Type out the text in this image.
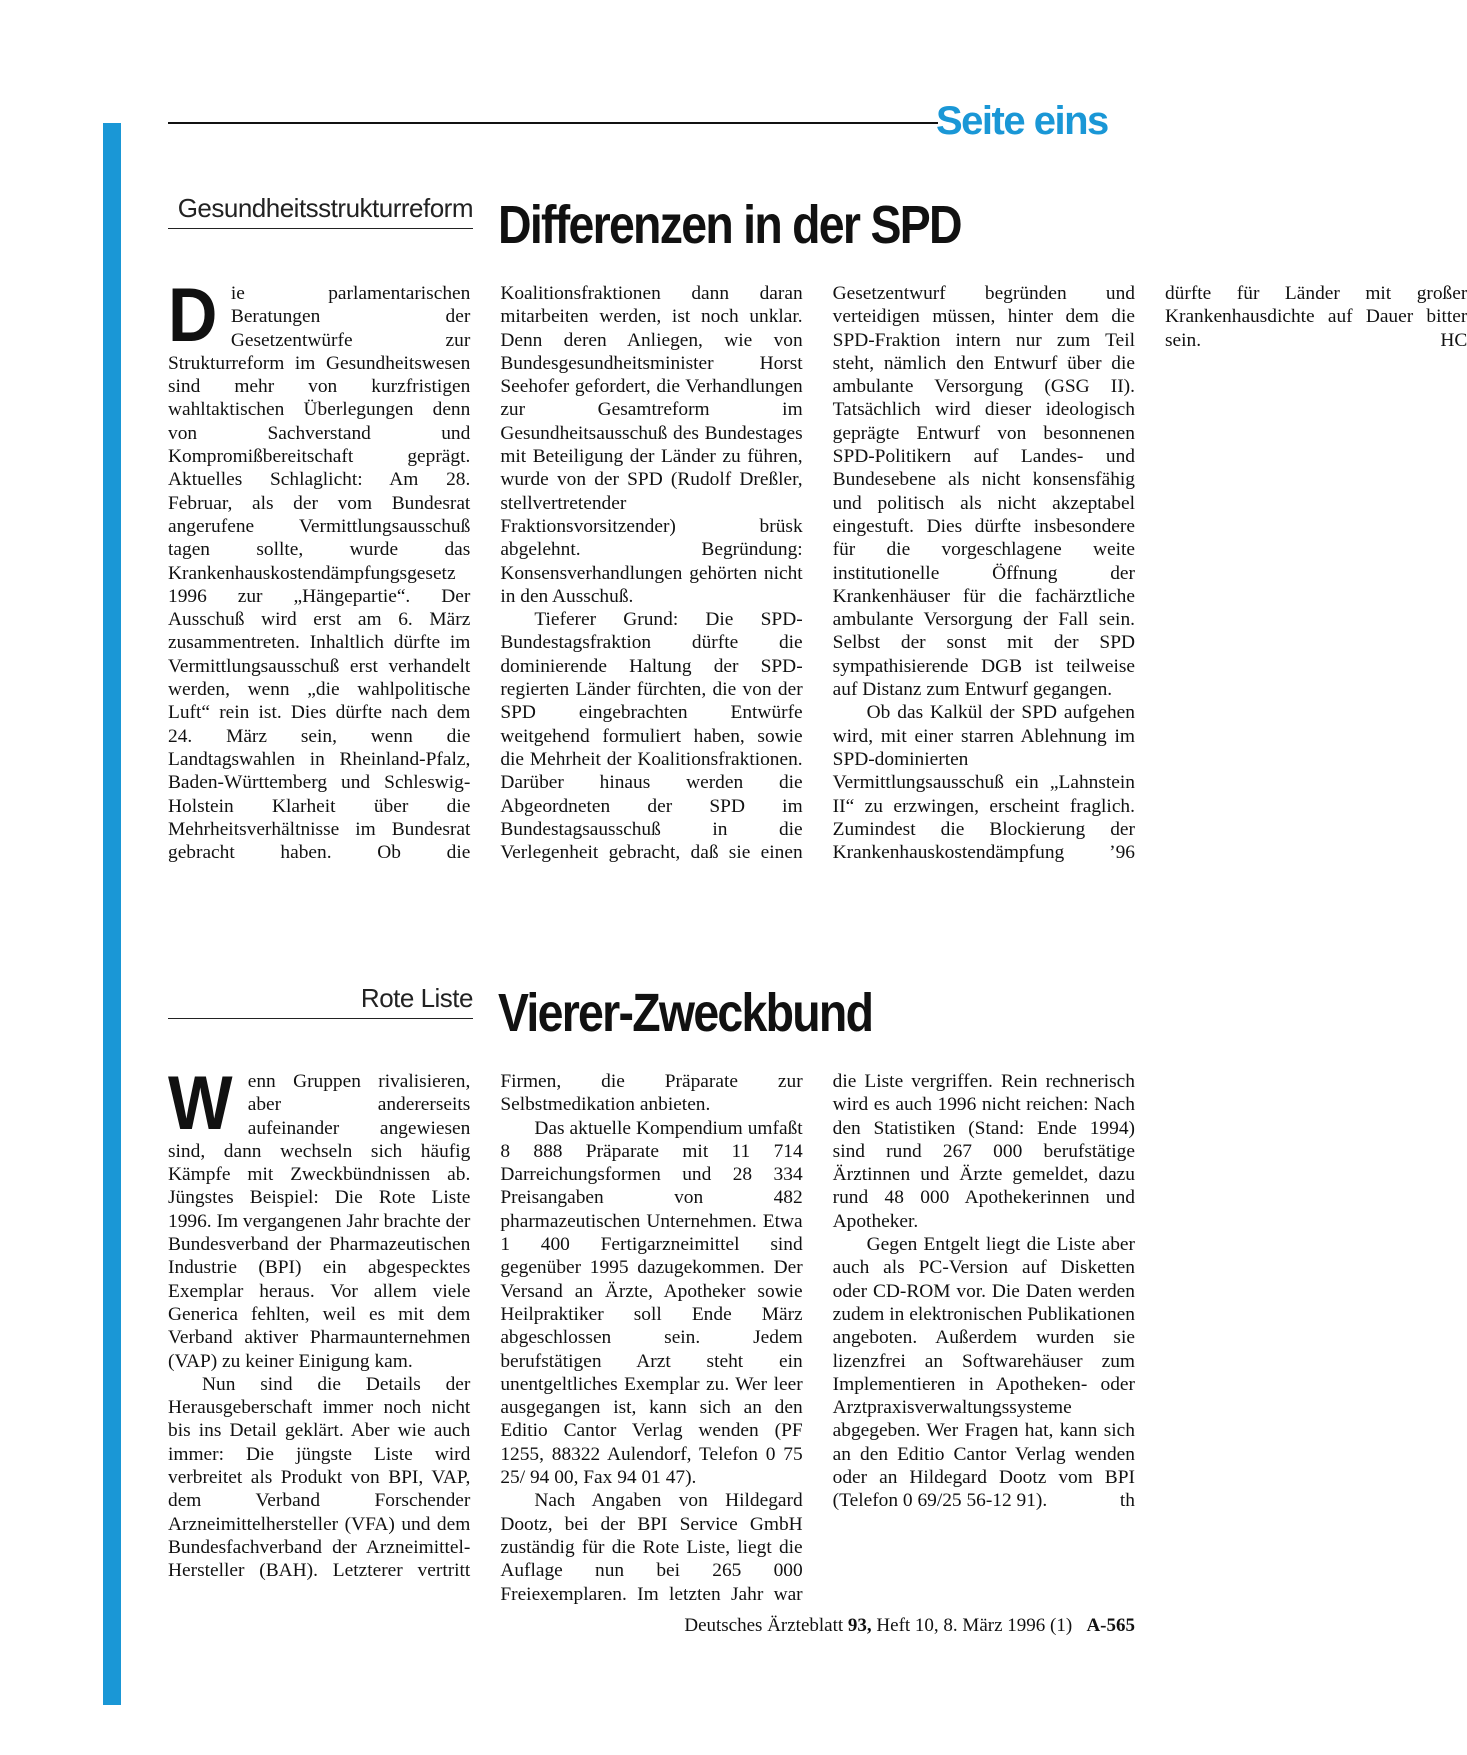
Seite eins
Gesundheitsstrukturreform Differenzen in der SPD

Die parlamentarischen Beratungen der Gesetzentwürfe zur Strukturreform im Gesundheitswesen sind mehr von kurzfristigen wahltaktischen Überlegungen denn von Sachverstand und Kompromißbereitschaft geprägt. Aktuelles Schlaglicht: Am 28. Februar, als der vom Bundesrat angerufene Vermittlungsausschuß tagen sollte, wurde das Krankenhauskostendämpfungsgesetz 1996 zur „Hängepartie“. Der Ausschuß wird erst am 6. März zusammentreten. Inhaltlich dürfte im Vermittlungsausschuß erst verhandelt werden, wenn „die wahlpolitische Luft“ rein ist. Dies dürfte nach dem 24. März sein, wenn die Landtagswahlen in Rheinland-Pfalz, Baden-Württemberg und Schleswig-Holstein Klarheit über die Mehrheitsverhältnisse im Bundesrat gebracht haben. Ob die Koalitionsfraktionen dann daran mitarbeiten werden, ist noch unklar. Denn deren Anliegen, wie von Bundesgesundheitsminister Horst Seehofer gefordert, die Verhandlungen zur Gesamtreform im Gesundheitsausschuß des Bundestages mit Beteiligung der Länder zu führen, wurde von der SPD (Rudolf Dreßler, stellvertretender Fraktionsvorsitzender) brüsk abgelehnt. Begründung: Konsensverhandlungen gehörten nicht in den Ausschuß.

Tieferer Grund: Die SPD-Bundestagsfraktion dürfte die dominierende Haltung der SPD-regierten Länder fürchten, die von der SPD eingebrachten Entwürfe weitgehend formuliert haben, sowie die Mehrheit der Koalitionsfraktionen. Darüber hinaus werden die Abgeordneten der SPD im Bundestagsausschuß in die Verlegenheit gebracht, daß sie einen Gesetzentwurf begründen und verteidigen müssen, hinter dem die SPD-Fraktion intern nur zum Teil steht, nämlich den Entwurf über die ambulante Versorgung (GSG II). Tatsächlich wird dieser ideologisch geprägte Entwurf von besonnenen SPD-Politikern auf Landes- und Bundesebene als nicht konsensfähig und politisch als nicht akzeptabel eingestuft. Dies dürfte insbesondere für die vorgeschlagene weite institutionelle Öffnung der Krankenhäuser für die fachärztliche ambulante Versorgung der Fall sein. Selbst der sonst mit der SPD sympathisierende DGB ist teilweise auf Distanz zum Entwurf gegangen.

Ob das Kalkül der SPD aufgehen wird, mit einer starren Ablehnung im SPD-dominierten Vermittlungsausschuß ein „Lahnstein II“ zu erzwingen, erscheint fraglich. Zumindest die Blockierung der Krankenhauskostendämpfung ’96 dürfte für Länder mit großer Krankenhausdichte auf Dauer bitter sein.	HC

Rote Liste Vierer-Zweckbund

Wenn Gruppen rivalisieren, aber andererseits aufeinander angewiesen sind, dann wechseln sich häufig Kämpfe mit Zweckbündnissen ab. Jüngstes Beispiel: Die Rote Liste 1996. Im vergangenen Jahr brachte der Bundesverband der Pharmazeutischen Industrie (BPI) ein abgespecktes Exemplar heraus. Vor allem viele Generica fehlten, weil es mit dem Verband aktiver Pharmaunternehmen (VAP) zu keiner Einigung kam.

Nun sind die Details der Herausgeberschaft immer noch nicht bis ins Detail geklärt. Aber wie auch immer: Die jüngste Liste wird verbreitet als Produkt von BPI, VAP, dem Verband Forschender Arzneimittelhersteller (VFA) und dem Bundesfachverband der Arzneimittel-Hersteller (BAH). Letzterer vertritt Firmen, die Präparate zur Selbstmedikation anbieten.

Das aktuelle Kompendium umfaßt 8 888 Präparate mit 11 714 Darreichungsformen und 28 334 Preisangaben von 482 pharmazeutischen Unternehmen. Etwa 1 400 Fertigarzneimittel sind gegenüber 1995 dazugekommen. Der Versand an Ärzte, Apotheker sowie Heilpraktiker soll Ende März abgeschlossen sein. Jedem berufstätigen Arzt steht ein unentgeltliches Exemplar zu. Wer leer ausgegangen ist, kann sich an den Editio Cantor Verlag wenden (PF 1255, 88322 Aulendorf, Telefon 0 75 25/ 94 00, Fax 94 01 47).

Nach Angaben von Hildegard Dootz, bei der BPI Service GmbH zuständig für die Rote Liste, liegt die Auflage nun bei 265 000 Freiexemplaren. Im letzten Jahr war die Liste vergriffen. Rein rechnerisch wird es auch 1996 nicht reichen: Nach den Statistiken (Stand: Ende 1994) sind rund 267 000 berufstätige Ärztinnen und Ärzte gemeldet, dazu rund 48 000 Apothekerinnen und Apotheker.

Gegen Entgelt liegt die Liste aber auch als PC-Version auf Disketten oder CD-ROM vor. Die Daten werden zudem in elektronischen Publikationen angeboten. Außerdem wurden sie lizenzfrei an Softwarehäuser zum Implementieren in Apotheken- oder Arztpraxisverwaltungssysteme abgegeben. Wer Fragen hat, kann sich an den Editio Cantor Verlag wenden oder an Hildegard Dootz vom BPI (Telefon 0 69/25 56-12 91).	th

Deutsches Ärzteblatt 93, Heft 10, 8. März 1996 (1) A-565
